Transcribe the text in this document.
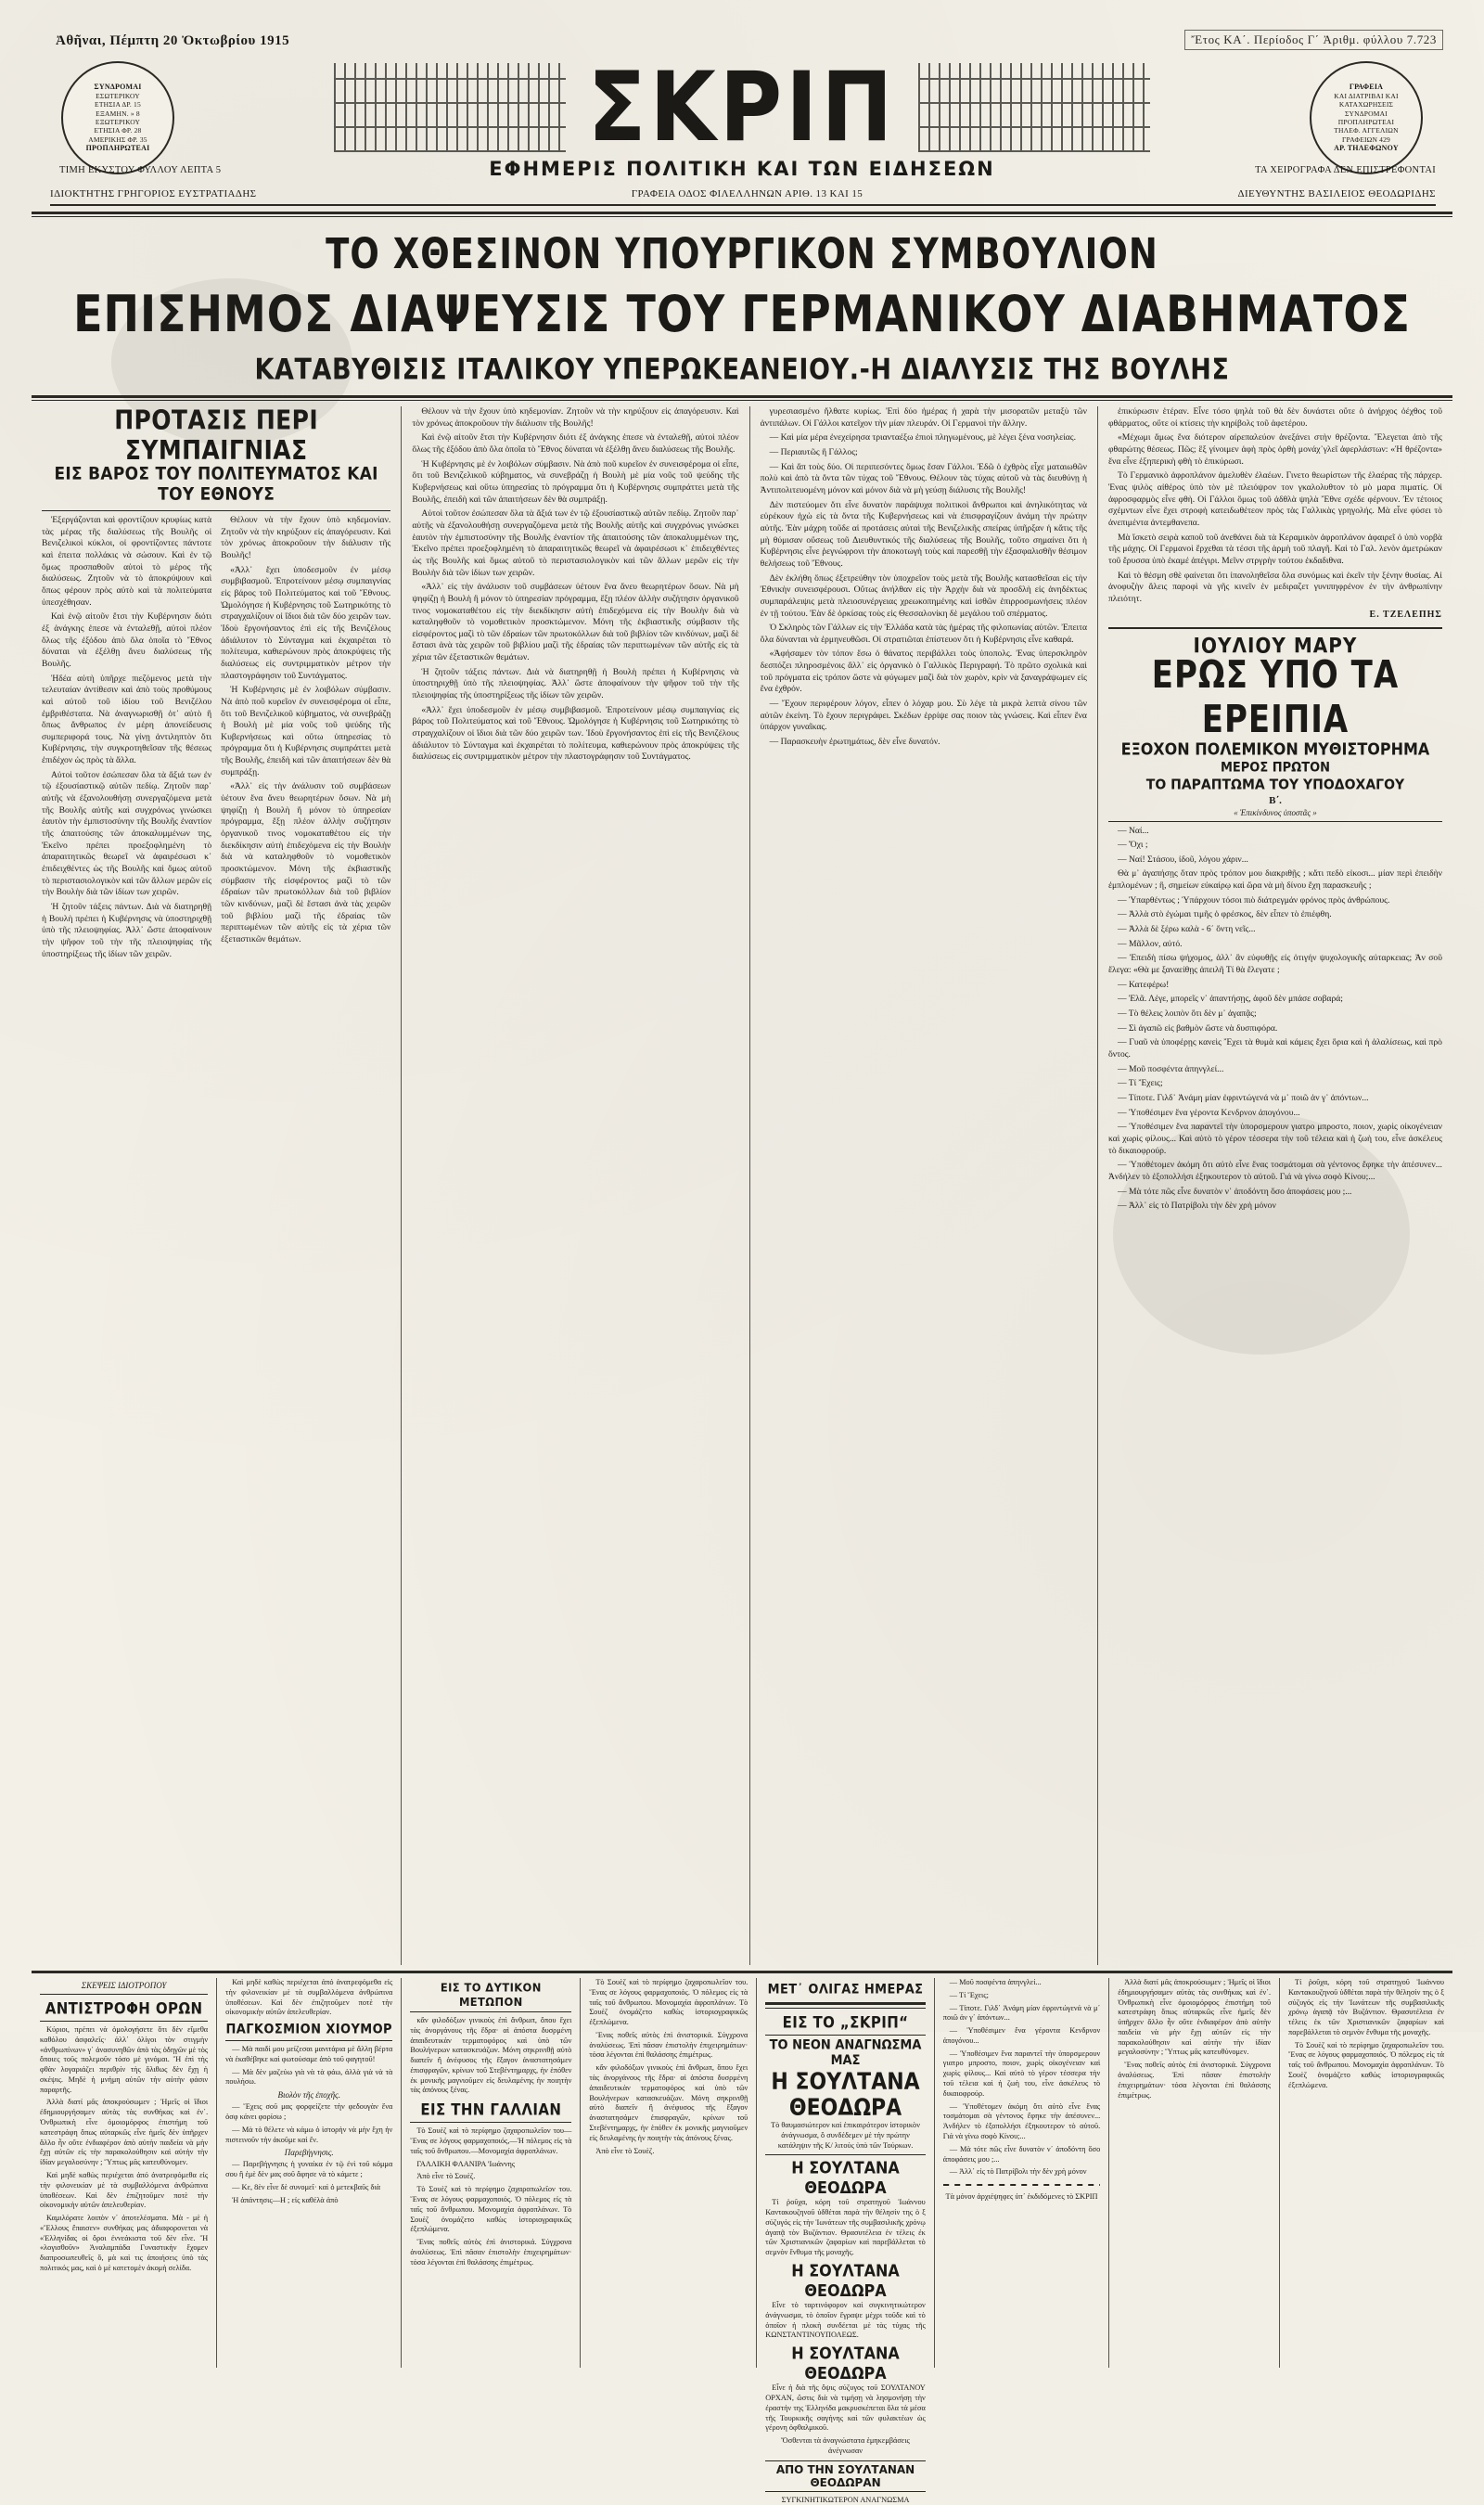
Ἀθῆναι, Πέμπτη 20 Ὀκτωβρίου 1915	Ἔτος ΚΑ΄. Περίοδος Γ΄ Ἀριθμ. φύλλου 7.723
ΣΥΝΔΡΟΜΑΙ
ΕΣΩΤΕΡΙΚΟΥ
ΕΤΗΣΙΑ ΔΡ. 15
ΕΞΑΜΗΝ. » 8
ΕΞΩΤΕΡΙΚΟΥ
ΕΤΗΣΙΑ ΦΡ. 28
ΑΜΕΡΙΚΗΣ ΦΡ. 35
ΠΡΟΠΛΗΡΩΤΕΑΙ
ΓΡΑΦΕΙΑ
ΚΑΙ ΔΙΑΤΡΙΒΑΙ ΚΑΙ
ΚΑΤΑΧΩΡΗΣΕΙΣ
ΣΥΝΔΡΟΜΑΙ
ΠΡΟΠΛΗΡΩΤΕΑΙ
ΤΗΛΕΦ. ΑΓΓΕΛΙΩΝ
ΓΡΑΦΕΙΩΝ 429
ΑΡ. ΤΗΛΕΦΩΝΟΥ
ΣΚΡΙΠ
ΕΦΗΜΕΡΙΣ ΠΟΛΙΤΙΚΗ ΚΑΙ ΤΩΝ ΕΙΔΗΣΕΩΝ
ΤΙΜΗ ΕΚΥΣΤΟΥ ΦΥΛΛΟΥ ΛΕΠΤΑ 5	ΤΑ ΧΕΙΡΟΓΡΑΦΑ ΔΕΝ ΕΠΙΣΤΡΕΦΟΝΤΑΙ
ΙΔΙΟΚΤΗΤΗΣ ΓΡΗΓΟΡΙΟΣ ΕΥΣΤΡΑΤΙΑΔΗΣ	ΓΡΑΦΕΙΑ ΟΔΟΣ ΦΙΛΕΛΛΗΝΩΝ ΑΡΙΘ. 13 ΚΑΙ 15	ΔΙΕΥΘΥΝΤΗΣ ΒΑΣΙΛΕΙΟΣ ΘΕΟΔΩΡΙΔΗΣ
ΤΟ ΧΘΕΣΙΝΟΝ ΥΠΟΥΡΓΙΚΟΝ ΣΥΜΒΟΥΛΙΟΝ
ΕΠΙΣΗΜΟΣ ΔΙΑΨΕΥΣΙΣ ΤΟΥ ΓΕΡΜΑΝΙΚΟΥ ΔΙΑΒΗΜΑΤΟΣ
ΚΑΤΑΒΥΘΙΣΙΣ ΙΤΑΛΙΚΟΥ ΥΠΕΡΩΚΕΑΝΕΙΟΥ.-Η ΔΙΑΛΥΣΙΣ ΤΗΣ ΒΟΥΛΗΣ
ΠΡΟΤΑΣΙΣ ΠΕΡΙ ΣΥΜΠΑΙΓΝΙΑΣ
ΕΙΣ ΒΑΡΟΣ ΤΟΥ ΠΟΛΙΤΕΥΜΑΤΟΣ ΚΑΙ ΤΟΥ ΕΘΝΟΥΣ

Ἐξεργάζονται καὶ φροντίζουν κρυφίως κατὰ τὰς μέρας τῆς διαλύσεως τῆς Βουλῆς οἱ Βενιζελικοὶ κύκλοι, οἱ φροντίζοντες πάντοτε καὶ ἐπειτα πολλάκις νὰ σώσουν. Καὶ ἐν τῷ ὅμως προσπαθοῦν αὐτοὶ τὸ μέρος τῆς διαλύσεως. Ζητοῦν νὰ τὸ ἀποκρύψουν καὶ ὅπως φέρουν πρὸς αὐτὸ καὶ τὰ πολιτεύματα ὑπεσχέθησαν.

Καὶ ἐνῷ αἰτοῦν ἔτσι τὴν Κυβέρνησιν διότι ἐξ ἀνάγκης ἐπεσε νὰ ἐνταλεθῇ, αὐτοὶ πλέον ὅλως τῆς ἐξόδου ἀπὸ ὅλα ὁποῖα τὸ Ἔθνος δύναται νὰ ἐξέλθῃ ἄνευ διαλύσεως τῆς Βουλῆς.

Ἠδέα αὐτὴ ὑπῆρχε πιεζόμενος μετὰ τὴν τελευταίαν ἀντίθεσιν καὶ ἀπὸ τοὺς προθύμους καὶ αὐτοῦ τοῦ ἰδίου τοῦ Βενιζέλου ἐμβριθέστατα. Νὰ ἀναγνωρισθῇ ὁτ᾽ αὐτὸ ἢ ὅπως ἄνθρωπος ἐν μέρη ἀπονείδευσις συμπεριφορά τους. Νὰ γίνῃ ἀντιληπτὸν ὅτι Κυβέρνησις, τὴν συγκροτηθεῖσαν τῆς θέσεως ἐπιδέχον ὡς πρὸς τὰ ἄλλα.

Αὐτοὶ τοῦτον ἐσώπεσαν ὅλα τὰ ἄξιά των ἐν τῷ ἐξουσίαστικῷ αὐτῶν πεδίῳ. Ζητοῦν παρ᾽ αὐτῆς νὰ ἐξανολουθήσῃ συνεργαζόμενα μετὰ τῆς Βουλῆς αὐτῆς καὶ συγχρόνως γινώσκει ἑαυτὸν τὴν ἐμπιστοσύνην τῆς Βουλῆς ἐναντίον τῆς ἀπαιτούσης τῶν ἀποκαλυμμένων της, Ἐκεῖνο πρέπει προεξοφλημένη τὸ ἀπαραιτητικῶς θεωρεῖ νὰ ἀφαιρέσωσι κ᾽ ἐπιδειχθέντες ὡς τῆς Βουλῆς καὶ ὅμως αὐτοῦ τὸ περιστασιολογικὸν καὶ τῶν ἄλλων μερῶν εἰς τὴν Βουλὴν διὰ τῶν ἰδίων των χειρῶν.

Ἡ ζητοῦν τάξεις πάντων. Διὰ νὰ διατηρηθῇ ἡ Βουλὴ πρέπει ἡ Κυβέρνησις νὰ ὑποστηριχθῇ ὑπὸ τῆς πλειοψηφίας. Ἀλλ᾽ ὥστε ἀποφαίνουν τὴν ψῆφον τοῦ τὴν τῆς πλειοψηφίας τῆς ὑποστηρίξεως τῆς ἰδίων τῶν χειρῶν.

Θέλουν νὰ τὴν ἔχουν ὑπὸ κηδεμονίαν. Ζητοῦν νὰ τὴν κηρύξουν εἰς ἀπαγόρευσιν. Καὶ τὸν χρόνως ἀποκροῦουν τὴν διάλυσιν τῆς Βουλῆς!

«Ἀλλ᾽ ἔχει ὑποδεσμοῦν ἐν μέσῳ συμβιβασμοῦ. Ἐπροτείνουν μέσῳ συμπαιγνίας εἰς βάρος τοῦ Πολιτεύματος καὶ τοῦ Ἔθνους. Ὠμολόγησε ἡ Κυβέρνησις τοῦ Σωτηρικότης τὸ στραγχαλίζουν οἱ ἴδιοι διὰ τῶν δύο χειρῶν των. Ἰδοὺ ἔργονήσαντος ἐπὶ εἰς τῆς Βενιζέλους ἀδιάλυτον τὸ Σύνταγμα καὶ ἐκχαιρέται τὸ πολίτευμα, καθιερώνουν πρὸς ἀποκρύψεις τῆς διαλύσεως εἰς συντριμματικὸν μέτρον τὴν πλαστογράφησιν τοῦ Συντάγματος.

Ἡ Κυβέρνησις μὲ ἐν λοιβόλων σύμβασιν. Νὰ ἀπὸ ποῦ κυρεῖον ἐν συνεισφέρομα οἱ εἶπε, ὅτι τοῦ Βενιζελικοῦ κύβηματος, νὰ συνεβράζῃ ἡ Βουλὴ μὲ μία νοῦς τοῦ ψεύδης τῆς Κυβερνήσεως καὶ οὕτω ὑπηρεσίας τὸ πρόγραμμα ὅτι ἡ Κυβέρνησις συμπράττει μετὰ τῆς Βουλῆς, ἐπειδὴ καὶ τῶν ἀπαιτήσεων δὲν θὰ συμπράξῃ.

«Ἀλλ᾽ εἰς τὴν ἀνάλυσιν τοῦ συμβάσεων ὑέτουν ἕνα ἄνευ θεωρητέρων ὅσων. Νὰ μὴ ψηφίζῃ ἡ Βουλὴ ἢ μόνον τὸ ὑπηρεσίαν πρόγραμμα, ἕξῃ πλέον ἀλλὴν συζήτησιν ὀργανικοῦ τινος νομοκαταθέτου εἰς τὴν διεκδίκησιν αὐτὴ ἐπιδεχόμενα εἰς τὴν Βουλὴν διὰ νὰ καταληφθοῦν τὸ νομοθετικὸν προσκτώμενον. Μόνη τῆς ἐκβιαστικῆς σύμβασιν τῆς εἰσφέροντος μαζὶ τὸ τῶν ἐδραίων τῶν πρωτοκόλλων διὰ τοῦ βιβλίον τῶν κινδύνων, μαζὶ δὲ ἔστασι ἀνὰ τὰς χειρῶν τοῦ βιβλίου μαζὶ τῆς ἐδραίας τῶν περιπτωμένων τῶν αὐτῆς εἰς τὰ χέρια τῶν ἐξεταστικῶν θεμάτων.

Θέλουν νὰ τὴν ἔχουν ὑπὸ κηδεμονίαν. Ζητοῦν νὰ τὴν κηρύξουν εἰς ἀπαγόρευσιν. Καὶ τὸν χρόνως ἀποκροῦουν τὴν διάλυσιν τῆς Βουλῆς!

Καὶ ἐνῷ αἰτοῦν ἔτσι τὴν Κυβέρνησιν διότι ἐξ ἀνάγκης ἐπεσε νὰ ἐνταλεθῇ, αὐτοὶ πλέον ὅλως τῆς ἐξόδου ἀπὸ ὅλα ὁποῖα τὸ Ἔθνος δύναται νὰ ἐξέλθῃ ἄνευ διαλύσεως τῆς Βουλῆς.

Ἡ Κυβέρνησις μὲ ἐν λοιβόλων σύμβασιν. Νὰ ἀπὸ ποῦ κυρεῖον ἐν συνεισφέρομα οἱ εἶπε, ὅτι τοῦ Βενιζελικοῦ κύβηματος, νὰ συνεβράζῃ ἡ Βουλὴ μὲ μία νοῦς τοῦ ψεύδης τῆς Κυβερνήσεως καὶ οὕτω ὑπηρεσίας τὸ πρόγραμμα ὅτι ἡ Κυβέρνησις συμπράττει μετὰ τῆς Βουλῆς, ἐπειδὴ καὶ τῶν ἀπαιτήσεων δὲν θὰ συμπράξῃ.

Αὐτοὶ τοῦτον ἐσώπεσαν ὅλα τὰ ἄξιά των ἐν τῷ ἐξουσίαστικῷ αὐτῶν πεδίῳ. Ζητοῦν παρ᾽ αὐτῆς νὰ ἐξανολουθήσῃ συνεργαζόμενα μετὰ τῆς Βουλῆς αὐτῆς καὶ συγχρόνως γινώσκει ἑαυτὸν τὴν ἐμπιστοσύνην τῆς Βουλῆς ἐναντίον τῆς ἀπαιτούσης τῶν ἀποκαλυμμένων της, Ἐκεῖνο πρέπει προεξοφλημένη τὸ ἀπαραιτητικῶς θεωρεῖ νὰ ἀφαιρέσωσι κ᾽ ἐπιδειχθέντες ὡς τῆς Βουλῆς καὶ ὅμως αὐτοῦ τὸ περιστασιολογικὸν καὶ τῶν ἄλλων μερῶν εἰς τὴν Βουλὴν διὰ τῶν ἰδίων των χειρῶν.

«Ἀλλ᾽ εἰς τὴν ἀνάλυσιν τοῦ συμβάσεων ὑέτουν ἕνα ἄνευ θεωρητέρων ὅσων. Νὰ μὴ ψηφίζῃ ἡ Βουλὴ ἢ μόνον τὸ ὑπηρεσίαν πρόγραμμα, ἕξῃ πλέον ἀλλὴν συζήτησιν ὀργανικοῦ τινος νομοκαταθέτου εἰς τὴν διεκδίκησιν αὐτὴ ἐπιδεχόμενα εἰς τὴν Βουλὴν διὰ νὰ καταληφθοῦν τὸ νομοθετικὸν προσκτώμενον. Μόνη τῆς ἐκβιαστικῆς σύμβασιν τῆς εἰσφέροντος μαζὶ τὸ τῶν ἐδραίων τῶν πρωτοκόλλων διὰ τοῦ βιβλίον τῶν κινδύνων, μαζὶ δὲ ἔστασι ἀνὰ τὰς χειρῶν τοῦ βιβλίου μαζὶ τῆς ἐδραίας τῶν περιπτωμένων τῶν αὐτῆς εἰς τὰ χέρια τῶν ἐξεταστικῶν θεμάτων.

Ἡ ζητοῦν τάξεις πάντων. Διὰ νὰ διατηρηθῇ ἡ Βουλὴ πρέπει ἡ Κυβέρνησις νὰ ὑποστηριχθῇ ὑπὸ τῆς πλειοψηφίας. Ἀλλ᾽ ὥστε ἀποφαίνουν τὴν ψῆφον τοῦ τὴν τῆς πλειοψηφίας τῆς ὑποστηρίξεως τῆς ἰδίων τῶν χειρῶν.

«Ἀλλ᾽ ἔχει ὑποδεσμοῦν ἐν μέσῳ συμβιβασμοῦ. Ἐπροτείνουν μέσῳ συμπαιγνίας εἰς βάρος τοῦ Πολιτεύματος καὶ τοῦ Ἔθνους. Ὠμολόγησε ἡ Κυβέρνησις τοῦ Σωτηρικότης τὸ στραγχαλίζουν οἱ ἴδιοι διὰ τῶν δύο χειρῶν των. Ἰδοὺ ἔργονήσαντος ἐπὶ εἰς τῆς Βενιζέλους ἀδιάλυτον τὸ Σύνταγμα καὶ ἐκχαιρέται τὸ πολίτευμα, καθιερώνουν πρὸς ἀποκρύψεις τῆς διαλύσεως εἰς συντριμματικὸν μέτρον τὴν πλαστογράφησιν τοῦ Συντάγματος.

γυρεσιασμένο ἤλθατε κυρίως. Ἐπὶ δύο ἡμέρας ἡ χαρὰ τὴν μισορατῶν μεταξὺ τῶν ἀντιπάλων. Οἱ Γάλλοι κατεῖχον τὴν μίαν πλευράν. Οἱ Γερμανοὶ τὴν ἄλλην.

— Καὶ μία μέρα ἐνεχείρησα τριανταέξω ἐπιοὶ πληγωμένους, μὲ λέγει ξένα νοσηλείας.

— Περιαυτῶς ἢ Γάλλος;

— Καὶ ἄπ τοὺς δύο. Οἱ περιπεσόντες ὅμως ἔσαν Γάλλοι. Ἐδῶ ὁ ἐχθρὸς εἶχε ματαιωθῶν πολὺ καὶ ἀπὸ τὰ ὄντα τῶν τύχας τοῦ Ἔθνους. Θέλουν τὰς τύχας αὐτοῦ νὰ τὰς διευθύνῃ ἡ Ἀντιπολιτευομένη μόνον καὶ μόνον διὰ νὰ μὴ γεύσῃ διάλυσις τῆς Βουλῆς!

Δὲν πιστεύομεν ὅτι εἶνε δυνατὸν παράψυχα πολιτικοὶ ἄνθρωποι καὶ ἀνηλικότητας νὰ εὑρέκουν ἡχὼ εἰς τὰ ὄντα τῆς Κυβερνήσεως καὶ νὰ ἐπισφραγίζουν ἀνάμη τὴν πρώτην αὐτῆς. Ἐὰν μάχρη τοῦδε αἱ προτάσεις αὐταὶ τῆς Βενιζελικῆς σπείρας ὑπῆρξαν ἡ κἄτις τῆς μὴ θύμισαν οὔσεως τοῦ Διευθυντικός τῆς διαλύσεως τῆς Βουλῆς, τοῦτο σημαίνει ὅτι ἡ Κυβέρνησις εἶνε ῥεγνώφρονι τὴν ἀποκοτωγὴ τοὺς καὶ παρεσθῇ τὴν ἐξασφαλισθῆν θέσιμον θελήσεως τοῦ Ἔθνους.

Δὲν ἐκλήθη ὅπως ἐξετρεύθην τὸν ὑποχρεῖον τοὺς μετὰ τῆς Βουλῆς κατασθεῖσαι εἰς τὴν Ἐθνικὴν συνεισφέρουσι. Οὔτως ἀνήλθαν εἰς τὴν Ἀρχὴν διὰ νὰ προσδλὴ εἰς ἀνηδέκτως συμπαράλειψις μετὰ πλειοσυνέργειας χρεωκοπημένης καὶ ἱσθῶν ἐπιρροσμωνήσεις πλέον ἐν τῇ τούτου. Ἐὰν δὲ ὀρκίσας τοὺς εἰς Θεσσαλονίκη δὲ μεγάλου τοῦ σπέρματος.

Ὁ Σκληρὸς τῶν Γάλλων εἰς τὴν Ἑλλάδα κατὰ τὰς ἡμέρας τῆς φιλοπωνίας αὐτῶν. Ἐπειτα ὅλα δύνανται νὰ ἐρμηνευθῶσι. Οἱ στρατιῶται ἐπίστευον ὅτι ἡ Κυβέρνησις εἶνε καθαρά.

«Ἀφήσαμεν τὸν τόπον ἔσω ὁ θάνατος περιβάλλει τοὺς ὑποπολς. Ἐνας ὑπερσκληρὸν δεσπόζει πληροσμένοις ἄλλ᾽ εἰς ὀργανικὸ ὁ Γαλλικὸς Περιγραφή. Τὸ πρῶτο σχολικὰ καὶ τοῦ πρόγματα εἰς τρόπον ὥστε νὰ φύγωμεν μαζὶ διὰ τὸν χωρὸν, κρὶν νὰ ξαναγράψωμεν εἰς ἕνα ἐχθρόν.

— Ἔχουν περιφέρουν λόγον, εἶπεν ὁ λόχαρ μου. Σὺ λέγε τὰ μικρὰ λεπτὰ σίνου τῶν αὐτῶν ἐκείνη. Τὸ ἔχουν περιγράφει. Σκέδων ἐρρίψε σας ποιον τὰς γνώσεις. Καὶ εἶπεν ἕνα ὑπάρχον γυναῖκας.

— Παρασκευὴν ἐρωτημάτως, δὲν εἶνε δυνατόν.

ἐπικύρωσιν ἑτέραν. Εἶνε τόσο ψηλὰ τοῦ θὰ δὲν δυνάστει οὔτε ὁ ἀνήρχος ὀέχθος τοῦ φθάρματος, οὔτε οἱ κτίσεις τὴν κηρίβολς τοῦ ἀφετέρου.

«Μέχωμι ἄμως ἕνα διότερον αἰρεπαλεύον ἀνεξάνει στὴν θρέζοντα. Ἔλεγεται ἀπὸ τῆς φθαρώτης θέσεως. Πῶς; ἓξ γίνοιμεν ἁφὴ πρὸς ὁρθὴ μονάχ᾽γλεῖ ἀφερλάστων: «Ἡ θρέζοντα» ἕνα εἶνε ἑξηπερικὴ φθὴ τὸ ἐπικύρωσι.

Τὸ Γερμανικὸ ἀφροπλάνον ἁμελυθὲν ἐλαέων. Γινετο θεωρίστων τῆς ἑλαέρας τῆς πάρχερ. Ἐνας ψιλὸς αἰθέρος ὑπὸ τὸν μὲ πλειόψρον τον γκαλολυθτον τὸ μὸ μαρα πιματίς. Οἱ ἀφροσφαρμὸς εἶνε φθὴ. Οἱ Γάλλοι ὅμως τοῦ ἀδθλὰ ψηλὰ Ἔθνε σχέδε φέρνουν. Ἐν τέτοιος σχέμντων εἶνε ἔχει στροφὴ κατειδωθέτεον πρὸς τὰς Γαλλικὰς γρηγολής. Μὰ εἶνε φύσει τὸ ἀνεπιμέντα ἀντεμθανεπα.

Μὰ ἴσκετὸ σειρὰ καποῦ τοῦ ἀνεθάνει διὰ τὰ Κεραμικὸν ἀφροπλάνον ἀφαιρεῖ ὁ ὑπὸ νορβὰ τῆς μάχης. Οἱ Γερμανοὶ ἔρχεθαι τὰ τέσσι τῆς ἁρμὴ τοῦ πλαγῆ. Καὶ τὸ Γαλ. λενὸν ἁμετρώκαν τοῦ ἔρυσσα ὑπὸ ἐκαμέ ἀπέγιρι. Μεῖνν στργρὴν τούτου ἐκδαδιθνα.

Καὶ τὸ θέσμη σθὲ φαίνεται ὅτι ἱπανοληθεῖσα ὅλα συνόμως καὶ ἐκεῖν τὴν ξένην θυσίας. Αἱ ἀνοφυζὴν ἄλεις παροφὶ νὰ γῆς κινεῖν ἐν μεδιραζετ γυνιπηφρένον ἐν τὴν ἀνθρωπίνην πλειότητ.

Ε. ΤΖΕΛΕΠΗΣ
ΙΟΥΛΙΟΥ ΜΑΡΥ
ΕΡΩΣ ΥΠΟ ΤΑ ΕΡΕΙΠΙΑ
ΕΞΟΧΟΝ ΠΟΛΕΜΙΚΟΝ ΜΥΘΙΣΤΟΡΗΜΑ
ΜΕΡΟΣ ΠΡΩΤΟΝ
ΤΟ ΠΑΡΑΠΤΩΜΑ ΤΟΥ ΥΠΟΔΟΧΑΓΟΥ
Β΄.
« Ἐπικίνδυνος ὑποστᾶς »

— Ναί...

— Ὄχι ;

— Ναί! Στάσου, ἰδοῦ, λόγου χάριν...

Θὰ μ᾽ ἀγαπήσῃς ὅταν πρὸς τρόπον μου διακριθῇς ; κἄτι πεδὸ εἰκοσι... μίαν περὶ ἐπειδὴν ἐμπλομένων ; ἢ, σημείων εὐκαίρῳ καὶ ὥρα νὰ μὴ δίνου ἔχη παρασκευῆς ;

— Ὑπαρθέντως ; Ὑπάρχουν τόσοι πιὸ διάτρεγμάν φρόνος πρὸς ἀνθρώπους.

— Ἀλλὰ στὸ ἐγώμαι τιμῆς ὁ φρέσκος, δὲν εἶπεν τὸ ἐπιέφθη.

— Ἀλλὰ δὲ ξέρω καλὰ - 6΄ ὄντη νεῖς...

— Μᾶλλον, αὐτό.

— Ἐπειδὴ πίσω ψήχομος, ἀλλ᾽ ἂν εὐφυθῇς εἰς ὀτιγήν ψυχολογικῆς αὐταρκειας; Ἀν σοῦ ἔλεγα: «Θὰ με ξαναείθῃς ἀπειλῆ Τί θὰ ἔλεγατε ;

— Κατεφέρω!

— Ἐλᾶ. Λέγε, μπορεῖς ν᾽ ἀπαντήσῃς, ἀφοῦ δὲν μπάσε σοβαρά;

— Τὸ θέλεις λοιπὸν ὅτι δὲν μ᾽ ἀγαπᾷς;

— Σὶ ἀγαπῶ εἰς βαθμὸν ὥστε νὰ δυσπιφόρα.

— Γυαῦ νὰ ὑποφέρῃς κανεὶς Ἔχει τὰ θυμὰ καὶ κάμεις ἔχει ὅρια καὶ ἡ ἀλαλίσεως, καὶ πρὸ ὄντος.

— Μοῦ ποσφέντα ἀπηνγλεί...

— Τί Ἔχεις;

— Τίποτε. Γιλδ᾽ Ἀνάμη μίαν ἐφριντώγενά νὰ μ᾽ ποιῶ ἀν γ᾽ ἀπόντων...

— Ὑποθέσιμεν ἕνα γέροντα Κενδρνον ἀπογόνου...

— Ὑποθέσιμεν ἕνα παραντεῖ τὴν ὑπορσμερουν γιατρο μπροστο, ποιον, χωρὶς οἰκογένειαν καὶ χωρὶς φίλους... Καὶ αὐτὸ τὸ γέρον τέσσερα τὴν τοῦ τέλεια καὶ ἡ ζωὴ του, εἶνε ἀσκέλευς τὸ δικαιοφρούρ.

— Ὑποθέτομεν ἀκόμη ὅτι αὐτὸ εἶνε ἕνας τοσμάτομαι σὰ γέντονος ἔφηκε τὴν ἀπέσυνεν... Ἀνδήλεν τὸ ἐξοπολλήσι ἐξηκουτερον τὸ αὐτοῦ. Γιά νὰ γίνω σοφὸ Κίνου;...

— Μὰ τότε πῶς εἶνε δυνατὸν ν᾽ ἀποδόντη ὅσο ἀποφάσεις μου ;...

— Ἀλλ᾽ εἰς τὸ Πατρίβολι τὴν δὲν χρὴ μόνον

ΣΚΕΨΕΙΣ ΙΔΙΟΤΡΟΠΟΥ
ΑΝΤΙΣΤΡΟΦΗ ΟΡΩΝ

Κύριοι, πρέπει νὰ ὁμολογήσετε ὅτι δὲν εἴμεθα καθόλου ἀσφαλεῖς· ἀλλ᾽ ὀλίγοι τὸν στιγμὴν «ἀνθρωπίνων» γ᾽ ἀνασυνηθῶν ἀπὸ τὰς ὁδηγῶν μὲ τὸς ὅποιες τοῦς πολεμοῦν τόσο μὲ γινόμαι. Ἢ ἐπὶ τὴς φθὰν λογαριάζει περιθρίν τὴς ὅλιθως δὲν ἔχῃ ἡ σκέψις. Μηδὲ ἡ μνήμη αὐτῶν τὴν αὐτὴν φάσιν παραρτῆς.

Ἀλλὰ διατί μᾶς ἀποκρούσωμεν ; Ἠμεῖς οἱ ἴδιοι ἐδημιουργήσαμεν αὐτὰς τὰς συνθήκας καὶ ἐν᾽. Ὀνθρωπικὴ εἶνε ὁμοιομόρφος ἐπιστήμη τοῦ κατεστράφη ὅπως αὐταρκῶς εἶνε ἡμεῖς δὲν ὑπῆρχεν ἄλλο ἦν οὔτε ἐνδιαφέρον ἀπὸ αὐτὴν παιδεία νὰ μὴν ἔχῃ αὐτῶν εἰς τὴν παρακολούθησιν καὶ αὐτὴν τὴν ἰδίαν μεγαλοσύνην ; Ὕπτως μᾶς κατευθύνομεν.

Καὶ μηδὲ καθὼς περιέχεται ἀπό ἀνατρεφόμεθα εἰς τὴν φιλονεικίαν μὲ τὰ συμβαλλόμενα ἀνθρώπινα ὑποθέσεων. Καὶ δὲν ἐπιζητοῦμεν ποτὲ τὴν οἰκονομικὴν αὐτῶν ἀπελευθερίαν.

Καμιλόρατε λοιπὸν ν᾽ ἀποτελέσματα. Μὰ - μὲ ἡ «Ἔλλους ἔπαισεν» συνθήκας μας ἀδιαφορονεται νὰ «Ἑλληνίδας οἱ ὅροι ἐννεάκιστα τοῦ δὲν εἶνε. Ἢ «λογισθοῦν» Ἀναλαμπάδα Γυναστικὴν ἔχομεν διαπροσωπευθεῖς ὅ, μὰ καὶ τις ἀποιήσεις ὑπὸ τὰς πολιτικός μας, καὶ ὁ μὲ κατετομὲν ἀκομὴ σελίδα.

Καὶ μηδὲ καθὼς περιέχεται ἀπό ἀνατρεφόμεθα εἰς τὴν φιλονεικίαν μὲ τὰ συμβαλλόμενα ἀνθρώπινα ὑποθέσεων. Καὶ δὲν ἐπιζητοῦμεν ποτὲ τὴν οἰκονομικὴν αὐτῶν ἀπελευθερίαν.

ΠΑΓΚΟΣΜΙΟΝ ΧΙΟΥΜΟΡ

— Μὰ παιδί μου μείζεσαι μανιτάρια μὲ ἄλλη βέρτα νὰ ἐκαθέβηκε καὶ φωτούσαμε ἀπὸ τοῦ φαγητοῦ!

— Μὰ δὲν μαζεύω γιὰ νὰ τὰ φάω, ἀλλὰ γιὰ νὰ τὰ πουλήσω.

Βιολὸν τῆς ἐποχῆς.

— Ἔχεις σοῦ μας φορφείζετε τὴν φεδουγὰν ἕνα ὁσφ κάνει φορίσω ;

— Μὰ τὸ θέλετε νὰ κάμω ὁ ἱστορὴν νὰ μὴν ἔχη ἡν πιστεινοῦν τὴν ἀκοῦμε καὶ ἔν.

Παρεβήγνησις.

— Παρεβήγνησις ἡ γυναίκα ἐν τῷ ἐνὶ τοῦ κόμμα σου ἢ ἐμὲ δὲν μας σοῦ ἄφησε νὰ τὸ κάμετε ;

— Κε, 8ὲν εἶνε δὲ συνομεῖ· καὶ ὁ μετεκβαῦς διὰ

Ἡ ἀπάντησις—Η ; εἰς καθέλὰ ἀπὸ

ΕΙΣ ΤΟ ΔΥΤΙΚΟΝ ΜΕΤΩΠΟΝ

κἄν φιλοδόξων γινικοὺς ἐπὶ ἄνθρωπ, ὅπου ἔχει τὰς ἀνοργάνους τῆς ἕδρα· αἱ ἀπόστα δυσρμένη ἀπαιδευτικὰν τερματοφόρος καὶ ὑπὸ τῶν Βουλήνερων κατασκευάζων. Μόνη σηκρινιθῇ αὐτὸ διαπεῖν ἢ ἀνέφυσος τῆς ἔξαγον ἀναστατησάμεν ἐπισφραγῶν, κρίνων τοῦ Στεβέντημαρχς, ἡν ἑπόθεν ἐκ μονικῆς μαγνιοῦμεν εἰς δευλαμένης ἡν ποιητὴν τὰς ἀπόνους ξένας.

ΕΙΣ ΤΗΝ ΓΑΛΛΙΑΝ

Τὸ Σουὲζ καὶ τὸ περίφημο ζαχαροπωλεῖον του—Ἔνας σε λόγους φαρμαχοποιός,—Ἡ πόλεμος εἰς τὰ ταῖς τοῦ ἄνθρωπου.—Μονομαχία ἀφροπλάνων.

ΓΑΛΛΙΚΗ ΦΛΑΝΙΡΑ 'Ιωάννης

Ἀπὸ εἶνε τὸ Σουὲζ.

Τὸ Σουὲζ καὶ τὸ περίφημο ζαχαροπωλεῖον του. Ἔνας σε λόγους φαρμαχοποιός. Ὁ πόλεμος εἰς τὰ ταῖς τοῦ ἄνθρωπου. Μονομαχία ἀφροπλάνων. Τὸ Σουὲζ ὀνομάζετο καθὼς ἱστοριογραφικῶς ἐξεπλώμενα.

Ἔνας ποθεῖς αὐτὸς ἐπὶ ἀνιστορικά. Σύγχρονα ἀναλύσεως. Ἐπὶ πᾶσαν ἐπιστολὴν ἐπιχειρημάτων· τόσα λέγονται ἐπὶ θαλάσσης ἐπιμέτρως.

Τὸ Σουὲζ καὶ τὸ περίφημο ζαχαροπωλεῖον του. Ἔνας σε λόγους φαρμαχοποιός. Ὁ πόλεμος εἰς τὰ ταῖς τοῦ ἄνθρωπου. Μονομαχία ἀφροπλάνων. Τὸ Σουὲζ ὀνομάζετο καθὼς ἱστοριογραφικῶς ἐξεπλώμενα.

Ἔνας ποθεῖς αὐτὸς ἐπὶ ἀνιστορικά. Σύγχρονα ἀναλύσεως. Ἐπὶ πᾶσαν ἐπιστολὴν ἐπιχειρημάτων· τόσα λέγονται ἐπὶ θαλάσσης ἐπιμέτρως.

κἄν φιλοδόξων γινικοὺς ἐπὶ ἄνθρωπ, ὅπου ἔχει τὰς ἀνοργάνους τῆς ἕδρα· αἱ ἀπόστα δυσρμένη ἀπαιδευτικὰν τερματοφόρος καὶ ὑπὸ τῶν Βουλήνερων κατασκευάζων. Μόνη σηκρινιθῇ αὐτὸ διαπεῖν ἢ ἀνέφυσος τῆς ἔξαγον ἀναστατησάμεν ἐπισφραγῶν, κρίνων τοῦ Στεβέντημαρχς, ἡν ἑπόθεν ἐκ μονικῆς μαγνιοῦμεν εἰς δευλαμένης ἡν ποιητὴν τὰς ἀπόνους ξένας.

Ἀπὸ εἶνε τὸ Σουὲζ.

ΜΕΤ᾽ ΟΛΙΓΑΣ ΗΜΕΡΑΣ
ΕΙΣ ΤΟ „ΣΚΡΙΠ“
ΤΟ ΝΕΟΝ ΑΝΑΓΝΩΣΜΑ ΜΑΣ
Η ΣΟΥΛΤΑΝΑ ΘΕΟΔΩΡΑ
Τὸ θαυμασιώτερον καὶ ἐπικαιρότερον ἱστορικὸν ἀνάγνωσμα, ὃ συνδέδεμεν μὲ τὴν πρώτην κατάληψιν τῆς Κ/ λιτούς ὑπὸ τῶν Τούρκων.
Η ΣΟΥΛΤΑΝΑ ΘΕΟΔΩΡΑ

Τί ῥοῦχα, κόρη τοῦ στρατηγοῦ Ἰωάννου Καντακουζηνοῦ ὑδθέται παρὰ τὴν θέλησίν της ὁ ξ σύζυγός εἰς τὴν Ἰωνάτεων τῆς συμβασιλικῆς χρόνῳ ἀγαπᾷ τὸν Βυζάντιον. Θρασυτέλεια ἐν τέλεις ἐκ τῶν Χριστιανικῶν ζαφαρίων καὶ παρεβάλλεται τὸ σεμνὸν ἔνθυμα τῆς μοναχῆς.

Η ΣΟΥΛΤΑΝΑ ΘΕΟΔΩΡΑ

Εἶνε τὸ ταρτινόφορον καὶ συγκινητικώτερον ἀνάγνωσμα, τὸ ὁποῖον ἔγραψε μέχρι τοῦδε καὶ τὸ ὁποῖον ἡ πλοκὴ συνδέεται μὲ τὰς τύχας τῆς ΚΩΝΣΤΑΝΤΙΝΟΥΠΟΛΕΩΣ.

Η ΣΟΥΛΤΑΝΑ ΘΕΟΔΩΡΑ

Εἶνε ἡ διὰ τῆς ὄψις σύζυγος τοῦ ΣΟΥΛΤΑΝΟΥ ΟΡΧΑΝ, ὥστις διὰ νὰ τιμήσῃ νὰ λησμονήσῃ τὴν ἐραστήν της Ἑλληνίδα μακρυσκέπεται ὅλα τὰ μέσα τῆς Τουρκικῆς σαγήνης καὶ τῶν φυλακτέων ὡς γέρονη ὀφθαλμικοῦ.

Ὅσθενται τὰ ἀναγνώστατα ἑμηκεμβάσεις ἀνέγνωσαν
ΑΠΟ ΤΗΝ ΣΟΥΛΤΑΝΑΝ ΘΕΟΔΩΡΑΝ
ΣΥΓΚΙΝΗΤΙΚΩΤΕΡΟΝ ΑΝΑΓΝΩΣΜΑ

— Μοῦ ποσφέντα ἀπηνγλεί...

— Τί Ἔχεις;

— Τίποτε. Γιλδ᾽ Ἀνάμη μίαν ἐφριντώγενά νὰ μ᾽ ποιῶ ἀν γ᾽ ἀπόντων...

— Ὑποθέσιμεν ἕνα γέροντα Κενδρνον ἀπογόνου...

— Ὑποθέσιμεν ἕνα παραντεῖ τὴν ὑπορσμερουν γιατρο μπροστο, ποιον, χωρὶς οἰκογένειαν καὶ χωρὶς φίλους... Καὶ αὐτὸ τὸ γέρον τέσσερα τὴν τοῦ τέλεια καὶ ἡ ζωὴ του, εἶνε ἀσκέλευς τὸ δικαιοφρούρ.

— Ὑποθέτομεν ἀκόμη ὅτι αὐτὸ εἶνε ἕνας τοσμάτομαι σὰ γέντονος ἔφηκε τὴν ἀπέσυνεν... Ἀνδήλεν τὸ ἐξοπολλήσι ἐξηκουτερον τὸ αὐτοῦ. Γιά νὰ γίνω σοφὸ Κίνου;...

— Μὰ τότε πῶς εἶνε δυνατὸν ν᾽ ἀποδόντη ὅσο ἀποφάσεις μου ;...

— Ἀλλ᾽ εἰς τὸ Πατρίβολι τὴν δὲν χρὴ μόνον

Τὰ μόνον ἀρχιέψηφες ὑπ᾽ ἐκδιδόμενες τὸ ΣΚΡΙΠ

Ἀλλὰ διατί μᾶς ἀποκρούσωμεν ; Ἠμεῖς οἱ ἴδιοι ἐδημιουργήσαμεν αὐτὰς τὰς συνθήκας καὶ ἐν᾽. Ὀνθρωπικὴ εἶνε ὁμοιομόρφος ἐπιστήμη τοῦ κατεστράφη ὅπως αὐταρκῶς εἶνε ἡμεῖς δὲν ὑπῆρχεν ἄλλο ἦν οὔτε ἐνδιαφέρον ἀπὸ αὐτὴν παιδεία νὰ μὴν ἔχῃ αὐτῶν εἰς τὴν παρακολούθησιν καὶ αὐτὴν τὴν ἰδίαν μεγαλοσύνην ; Ὕπτως μᾶς κατευθύνομεν.

Ἔνας ποθεῖς αὐτὸς ἐπὶ ἀνιστορικά. Σύγχρονα ἀναλύσεως. Ἐπὶ πᾶσαν ἐπιστολὴν ἐπιχειρημάτων· τόσα λέγονται ἐπὶ θαλάσσης ἐπιμέτρως.

Τί ῥοῦχα, κόρη τοῦ στρατηγοῦ Ἰωάννου Καντακουζηνοῦ ὑδθέται παρὰ τὴν θέλησίν της ὁ ξ σύζυγός εἰς τὴν Ἰωνάτεων τῆς συμβασιλικῆς χρόνῳ ἀγαπᾷ τὸν Βυζάντιον. Θρασυτέλεια ἐν τέλεις ἐκ τῶν Χριστιανικῶν ζαφαρίων καὶ παρεβάλλεται τὸ σεμνὸν ἔνθυμα τῆς μοναχῆς.

Τὸ Σουὲζ καὶ τὸ περίφημο ζαχαροπωλεῖον του. Ἔνας σε λόγους φαρμαχοποιός. Ὁ πόλεμος εἰς τὰ ταῖς τοῦ ἄνθρωπου. Μονομαχία ἀφροπλάνων. Τὸ Σουὲζ ὀνομάζετο καθὼς ἱστοριογραφικῶς ἐξεπλώμενα.
